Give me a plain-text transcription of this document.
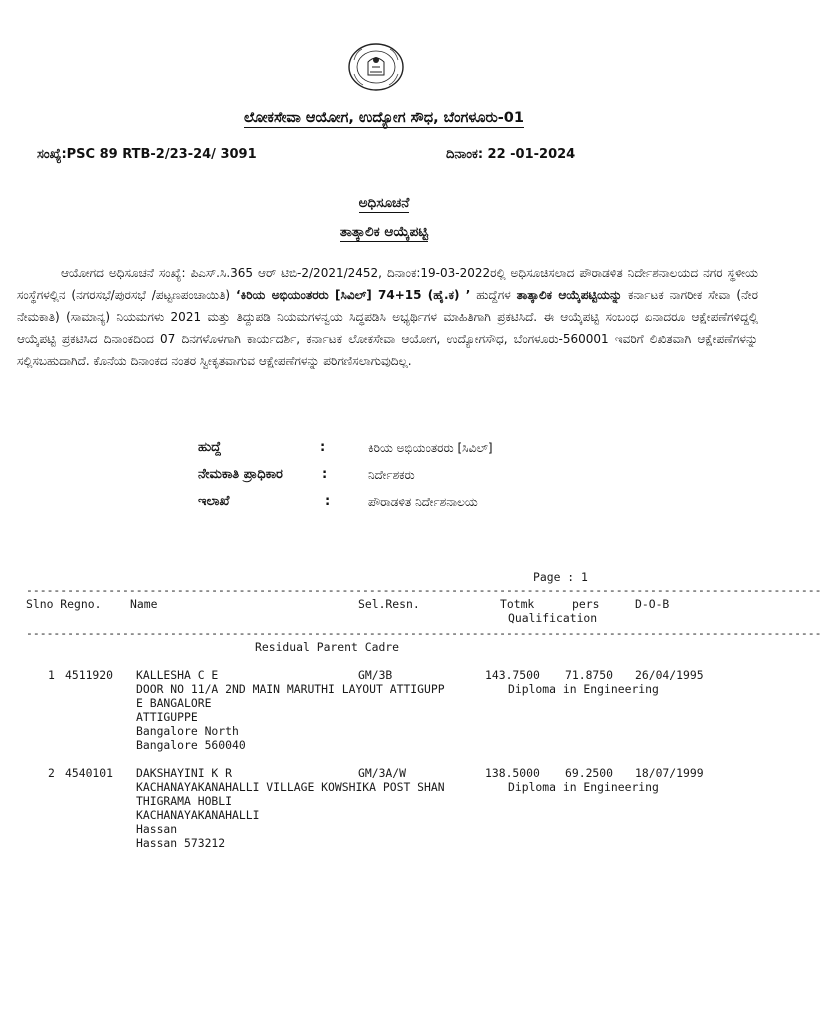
ಲೋಕಸೇವಾ ಆಯೋಗ, ಉದ್ಯೋಗ ಸೌಧ, ಬೆಂಗಳೂರು-01
ಸಂಖ್ಯೆ:PSC 89 RTB-2/23-24/ 3091	ದಿನಾಂಕ: 22 -01-2024
ಅಧಿಸೂಚನೆ
ತಾತ್ಕಾಲಿಕ ಆಯ್ಕೆಪಟ್ಟಿ
ಆಯೋಗದ ಅಧಿಸೂಚನೆ ಸಂಖ್ಯೆ: ಪಿಎಸ್‌.ಸಿ.365 ಆರ್ ಟಿಬಿ-2/2021/2452, ದಿನಾಂಕ:19-03-2022ರಲ್ಲಿ ಅಧಿಸೂಚಿಸಲಾದ ಪೌರಾಡಳಿತ ನಿರ್ದೇಶನಾಲಯದ ನಗರ ಸ್ಥಳೀಯ ಸಂಸ್ಥೆಗಳಲ್ಲಿನ (ನಗರಸಭೆ/ಪುರಸಭೆ /ಪಟ್ಟಣಪಂಚಾಯಿತಿ) ‘ಕಿರಿಯ ಅಭಿಯಂತರರು [ಸಿವಿಲ್] 74+15 (ಹೈ.ಕ) ’ ಹುದ್ದೆಗಳ ತಾತ್ಕಾಲಿಕ ಆಯ್ಕೆಪಟ್ಟಿಯನ್ನು ಕರ್ನಾಟಕ ನಾಗರೀಕ ಸೇವಾ (ನೇರ ನೇಮಕಾತಿ) (ಸಾಮಾನ್ಯ) ನಿಯಮಗಳು 2021 ಮತ್ತು ತಿದ್ದುಪಡಿ ನಿಯಮಗಳನ್ವಯ ಸಿದ್ಧಪಡಿಸಿ ಅಭ್ಯರ್ಥಿಗಳ ಮಾಹಿತಿಗಾಗಿ ಪ್ರಕಟಿಸಿದೆ. ಈ ಆಯ್ಕೆಪಟ್ಟಿ ಸಂಬಂಧ ಏನಾದರೂ ಆಕ್ಷೇಪಣೆಗಳಿದ್ದಲ್ಲಿ ಆಯ್ಕೆಪಟ್ಟಿ ಪ್ರಕಟಿಸಿದ ದಿನಾಂಕದಿಂದ 07 ದಿನಗಳೊಳಗಾಗಿ ಕಾರ್ಯದರ್ಶಿ, ಕರ್ನಾಟಕ ಲೋಕಸೇವಾ ಆಯೋಗ, ಉದ್ಯೋಗಸೌಧ, ಬೆಂಗಳೂರು-560001 ಇವರಿಗೆ ಲಿಖಿತವಾಗಿ ಆಕ್ಷೇಪಣೆಗಳನ್ನು ಸಲ್ಲಿಸಬಹುದಾಗಿದೆ. ಕೊನೆಯ ದಿನಾಂಕದ ನಂತರ ಸ್ವೀಕೃತವಾಗುವ ಆಕ್ಷೇಪಣೆಗಳನ್ನು ಪರಿಗಣಿಸಲಾಗುವುದಿಲ್ಲ.
ಹುದ್ದೆ	:	ಕಿರಿಯ ಅಭಿಯಂತರರು [ಸಿವಿಲ್]
ನೇಮಕಾತಿ ಪ್ರಾಧಿಕಾರ	:	ನಿರ್ದೇಶಕರು
ಇಲಾಖೆ	:	ಪೌರಾಡಳಿತ ನಿರ್ದೇಶನಾಲಯ
Page : 1
--------------------------------------------------------------------------------------------------------------------
Slno Regno.	Name	Sel.Resn.	Totmk	pers	D-O-B
Qualification
--------------------------------------------------------------------------------------------------------------------
Residual Parent Cadre
1 4511920 KALLESHA C E	GM/3B	143.7500 71.8750 26/04/1995
DOOR NO 11/A 2ND MAIN MARUTHI LAYOUT ATTIGUPP	Diploma in Engineering
E BANGALORE
ATTIGUPPE
Bangalore North
Bangalore 560040
2 4540101 DAKSHAYINI K R	GM/3A/W	138.5000 69.2500 18/07/1999
KACHANAYAKANAHALLI VILLAGE KOWSHIKA POST SHAN	Diploma in Engineering
THIGRAMA HOBLI
KACHANAYAKANAHALLI
Hassan
Hassan 573212
